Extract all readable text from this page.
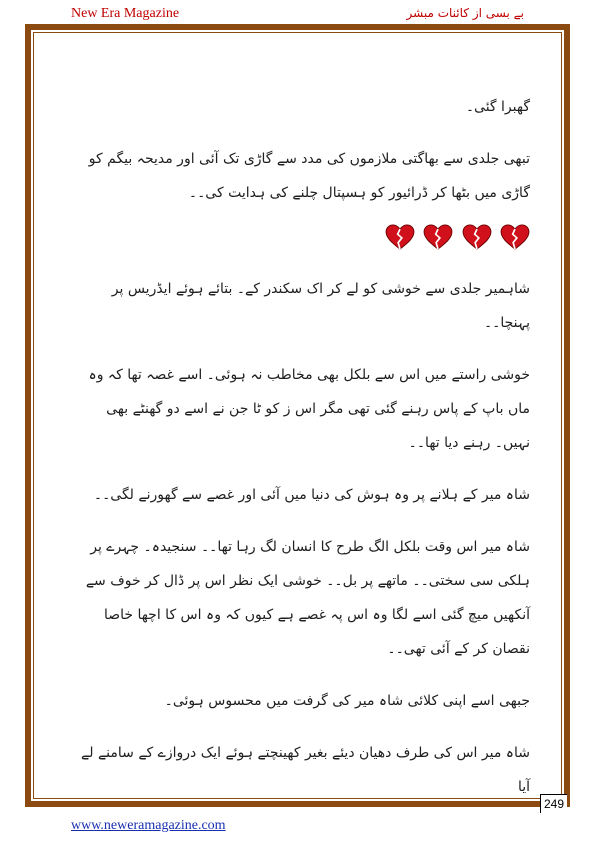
New Era Magazine	بے بسی از کائنات مبشر

گھبرا گئی۔

تبھی جلدی سے بھاگتی ملازموں کی مدد سے گاڑی تک آئی اور مدیحہ بیگم کو گاڑی میں بٹھا کر ڈرائیور کو ہسپتال چلنے کی ہدایت کی۔۔

شاہمیر جلدی سے خوشی کو لے کر اک سکندر کے۔ بتائے ہوئے ایڈریس پر پہنچا۔۔

خوشی راستے میں اس سے بلکل بھی مخاطب نہ ہوئی۔ اسے غصہ تھا کہ وہ ماں باپ کے پاس رہنے گئی تھی مگر اس ز کو ٹا جن نے اسے دو گھنٹے بھی نہیں۔ رہنے دیا تھا۔۔

شاہ میر کے ہلانے پر وہ ہوش کی دنیا میں آئی اور غصے سے گھورنے لگی۔۔

شاہ میر اس وقت بلکل الگ طرح کا انسان لگ رہا تھا۔۔ سنجیدہ۔ چہرے پر ہلکی سی سختی۔۔ ماتھے پر بل۔۔ خوشی ایک نظر اس پر ڈال کر خوف سے آنکھیں میچ گئی اسے لگا وہ اس پہ غصے ہے کیوں کہ وہ اس کا اچھا خاصا نقصان کر کے آئی تھی۔۔

جبھی اسے اپنی کلائی شاہ میر کی گرفت میں محسوس ہوئی۔

شاہ میر اس کی طرف دھیان دیئے بغیر کھینچتے ہوئے ایک دروازے کے سامنے لے آیا

249
www.neweramagazine.com
